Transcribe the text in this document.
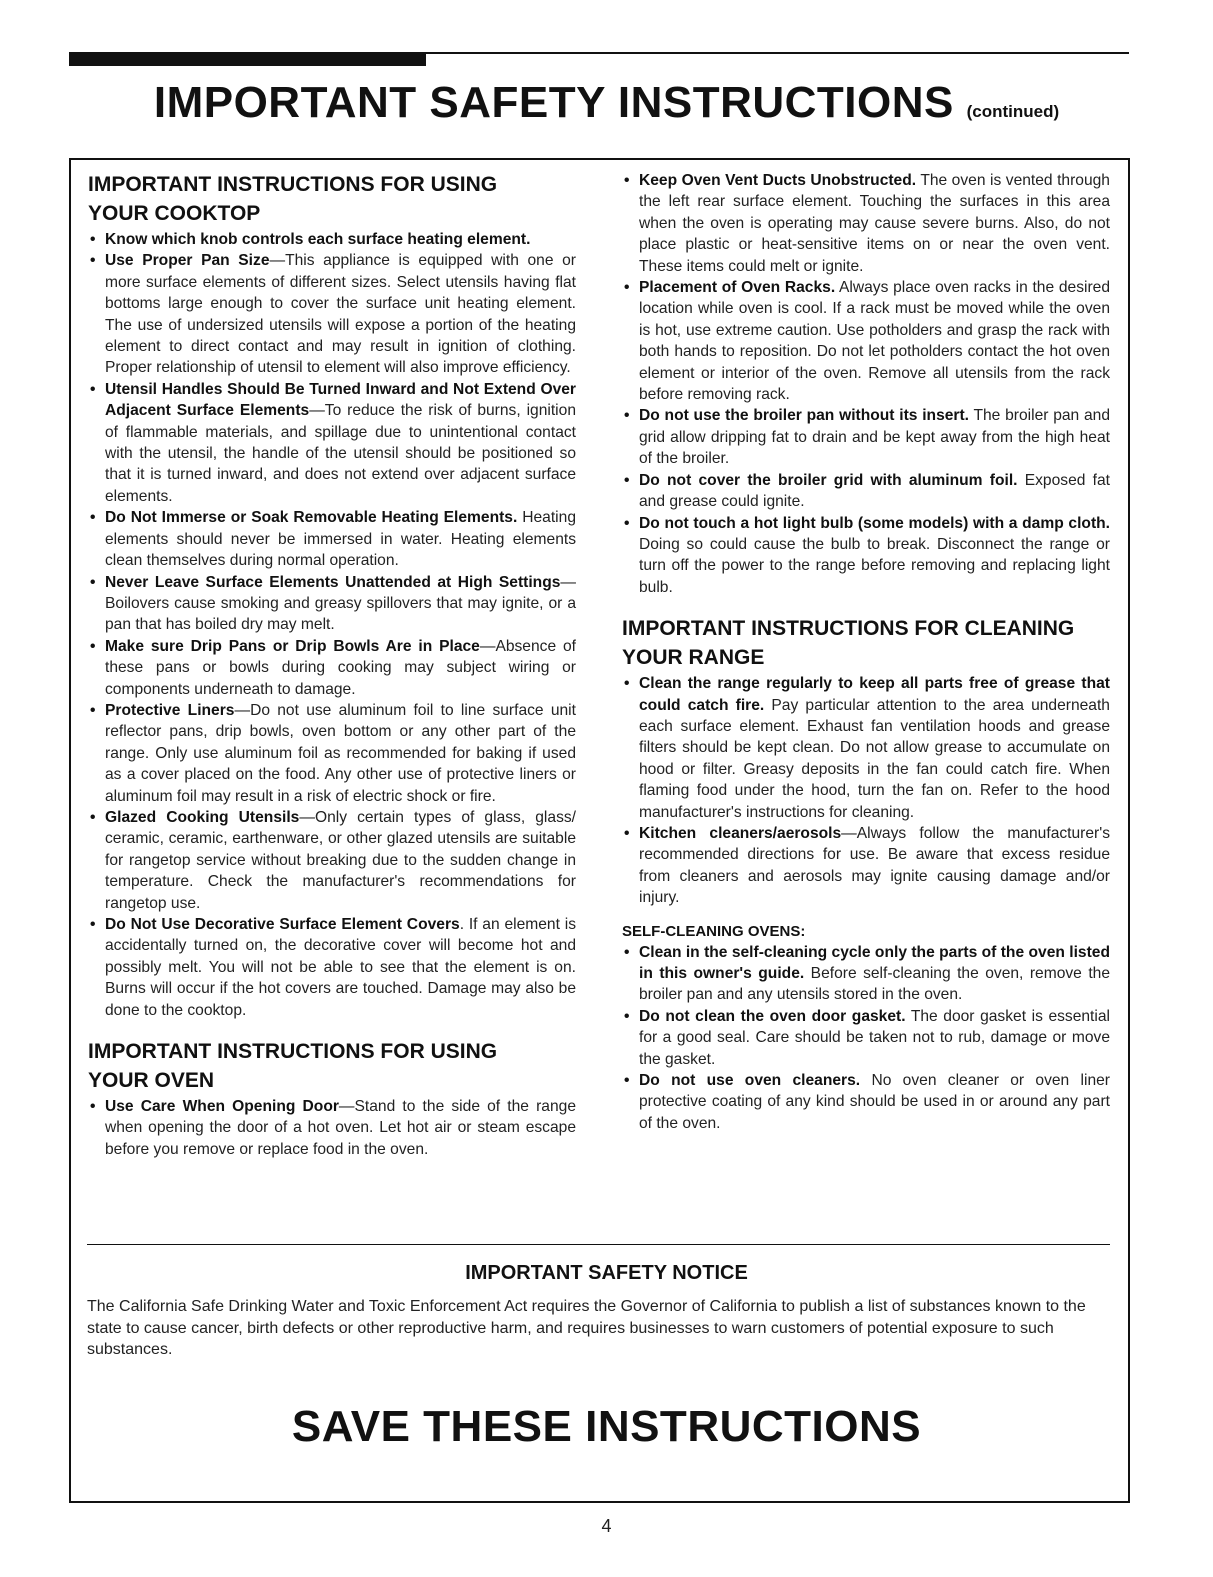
IMPORTANT SAFETY INSTRUCTIONS (continued)
IMPORTANT INSTRUCTIONS FOR USING
YOUR COOKTOP
• Know which knob controls each surface heating element.
• Use Proper Pan Size—This appliance is equipped with one or more surface elements of different sizes. Select utensils having flat bottoms large enough to cover the surface unit heating element. The use of undersized utensils will expose a portion of the heating element to direct contact and may result in ignition of clothing. Proper relationship of utensil to element will also improve efficiency.
• Utensil Handles Should Be Turned Inward and Not Extend Over Adjacent Surface Elements—To reduce the risk of burns, ignition of flammable materials, and spillage due to unintentional contact with the utensil, the handle of the utensil should be positioned so that it is turned inward, and does not extend over adjacent surface elements.
• Do Not Immerse or Soak Removable Heating Elements. Heating elements should never be immersed in water. Heating elements clean themselves during normal operation.
• Never Leave Surface Elements Unattended at High Settings—Boilovers cause smoking and greasy spillovers that may ignite, or a pan that has boiled dry may melt.
• Make sure Drip Pans or Drip Bowls Are in Place—Absence of these pans or bowls during cooking may subject wiring or components underneath to damage.
• Protective Liners—Do not use aluminum foil to line surface unit reflector pans, drip bowls, oven bottom or any other part of the range. Only use aluminum foil as recommended for baking if used as a cover placed on the food. Any other use of protective liners or aluminum foil may result in a risk of electric shock or fire.
• Glazed Cooking Utensils—Only certain types of glass, glass/ ceramic, ceramic, earthenware, or other glazed utensils are suitable for rangetop service without breaking due to the sudden change in temperature. Check the manufacturer's recommendations for rangetop use.
• Do Not Use Decorative Surface Element Covers. If an element is accidentally turned on, the decorative cover will become hot and possibly melt. You will not be able to see that the element is on. Burns will occur if the hot covers are touched. Damage may also be done to the cooktop.
IMPORTANT INSTRUCTIONS FOR USING
YOUR OVEN
• Use Care When Opening Door—Stand to the side of the range when opening the door of a hot oven. Let hot air or steam escape before you remove or replace food in the oven.
• Keep Oven Vent Ducts Unobstructed. The oven is vented through the left rear surface element. Touching the surfaces in this area when the oven is operating may cause severe burns. Also, do not place plastic or heat-sensitive items on or near the oven vent. These items could melt or ignite.
• Placement of Oven Racks. Always place oven racks in the desired location while oven is cool. If a rack must be moved while the oven is hot, use extreme caution. Use potholders and grasp the rack with both hands to reposition. Do not let potholders contact the hot oven element or interior of the oven. Remove all utensils from the rack before removing rack.
• Do not use the broiler pan without its insert. The broiler pan and grid allow dripping fat to drain and be kept away from the high heat of the broiler.
• Do not cover the broiler grid with aluminum foil. Exposed fat and grease could ignite.
• Do not touch a hot light bulb (some models) with a damp cloth. Doing so could cause the bulb to break. Disconnect the range or turn off the power to the range before removing and replacing light bulb.
IMPORTANT INSTRUCTIONS FOR CLEANING
YOUR RANGE
• Clean the range regularly to keep all parts free of grease that could catch fire. Pay particular attention to the area underneath each surface element. Exhaust fan ventilation hoods and grease filters should be kept clean. Do not allow grease to accumulate on hood or filter. Greasy deposits in the fan could catch fire. When flaming food under the hood, turn the fan on. Refer to the hood manufacturer's instructions for cleaning.
• Kitchen cleaners/aerosols—Always follow the manufacturer's recommended directions for use. Be aware that excess residue from cleaners and aerosols may ignite causing damage and/or injury.
SELF-CLEANING OVENS:
• Clean in the self-cleaning cycle only the parts of the oven listed in this owner's guide. Before self-cleaning the oven, remove the broiler pan and any utensils stored in the oven.
• Do not clean the oven door gasket. The door gasket is essential for a good seal. Care should be taken not to rub, damage or move the gasket.
• Do not use oven cleaners. No oven cleaner or oven liner protective coating of any kind should be used in or around any part of the oven.
IMPORTANT SAFETY NOTICE

The California Safe Drinking Water and Toxic Enforcement Act requires the Governor of California to publish a list of substances known to the state to cause cancer, birth defects or other reproductive harm, and requires businesses to warn customers of potential exposure to such substances.

SAVE THESE INSTRUCTIONS
4
